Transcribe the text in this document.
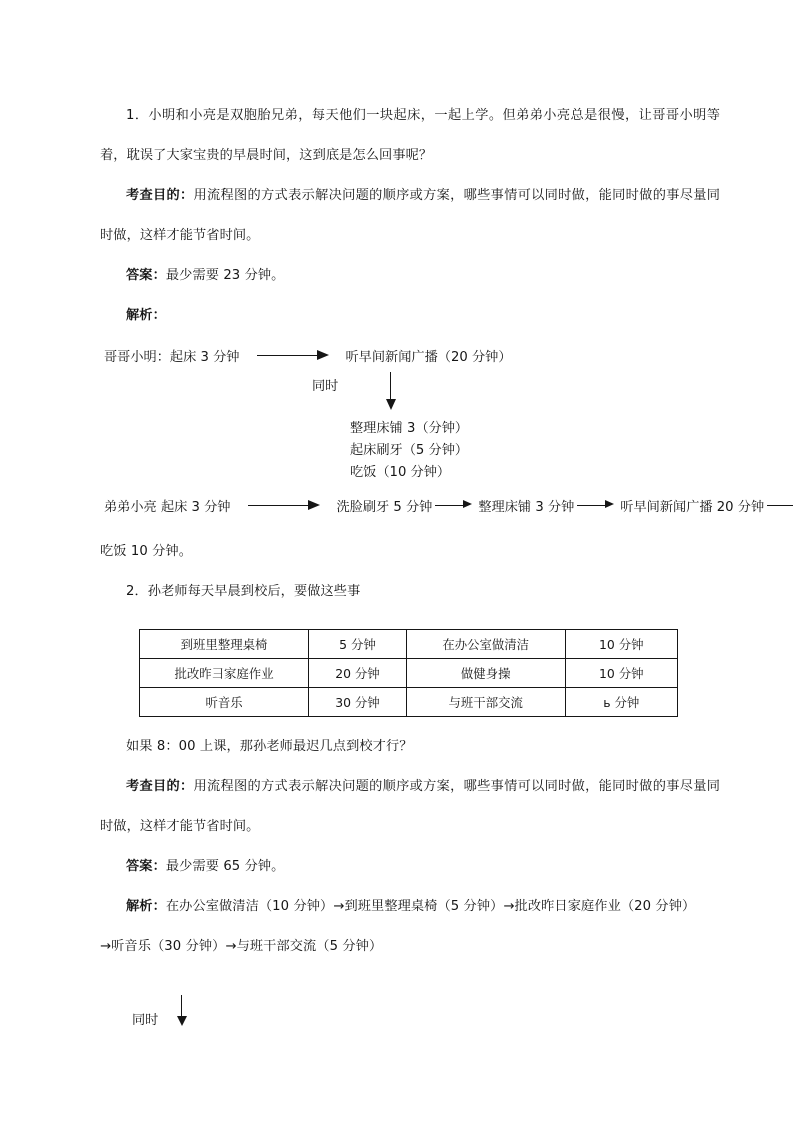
1．小明和小亮是双胞胎兄弟，每天他们一块起床，一起上学。但弟弟小亮总是很慢，让哥哥小明等着，耽误了大家宝贵的早晨时间，这到底是怎么回事呢？
考查目的：用流程图的方式表示解决问题的顺序或方案，哪些事情可以同时做，能同时做的事尽量同时做，这样才能节省时间。
答案：最少需要 23 分钟。
解析：
哥哥小明：起床 3 分钟	听早间新闻广播（20 分钟）
同时
整理床铺 3（分钟）
起床刷牙（5 分钟）
吃饭（10 分钟）
弟弟小亮 起床 3 分钟	洗脸刷牙 5 分钟	整理床铺 3 分钟	听早间新闻广播 20 分钟
吃饭 10 分钟。
2．孙老师每天早晨到校后，要做这些事
到班里整理桌椅	5 分钟	在办公室做清洁	10 分钟
批改昨彐家庭作业	20 分钟	做健身操	10 分钟
听音乐	30 分钟	与班干部交流	ь 分钟
如果 8：00 上课，那孙老师最迟几点到校才行？
考查目的：用流程图的方式表示解决问题的顺序或方案，哪些事情可以同时做，能同时做的事尽量同时做，这样才能节省时间。
答案：最少需要 65 分钟。
解析：在办公室做清洁（10 分钟）→到班里整理桌椅（5 分钟）→批改昨日家庭作业（20 分钟）
→听音乐（30 分钟）→与班干部交流（5 分钟）
同时
